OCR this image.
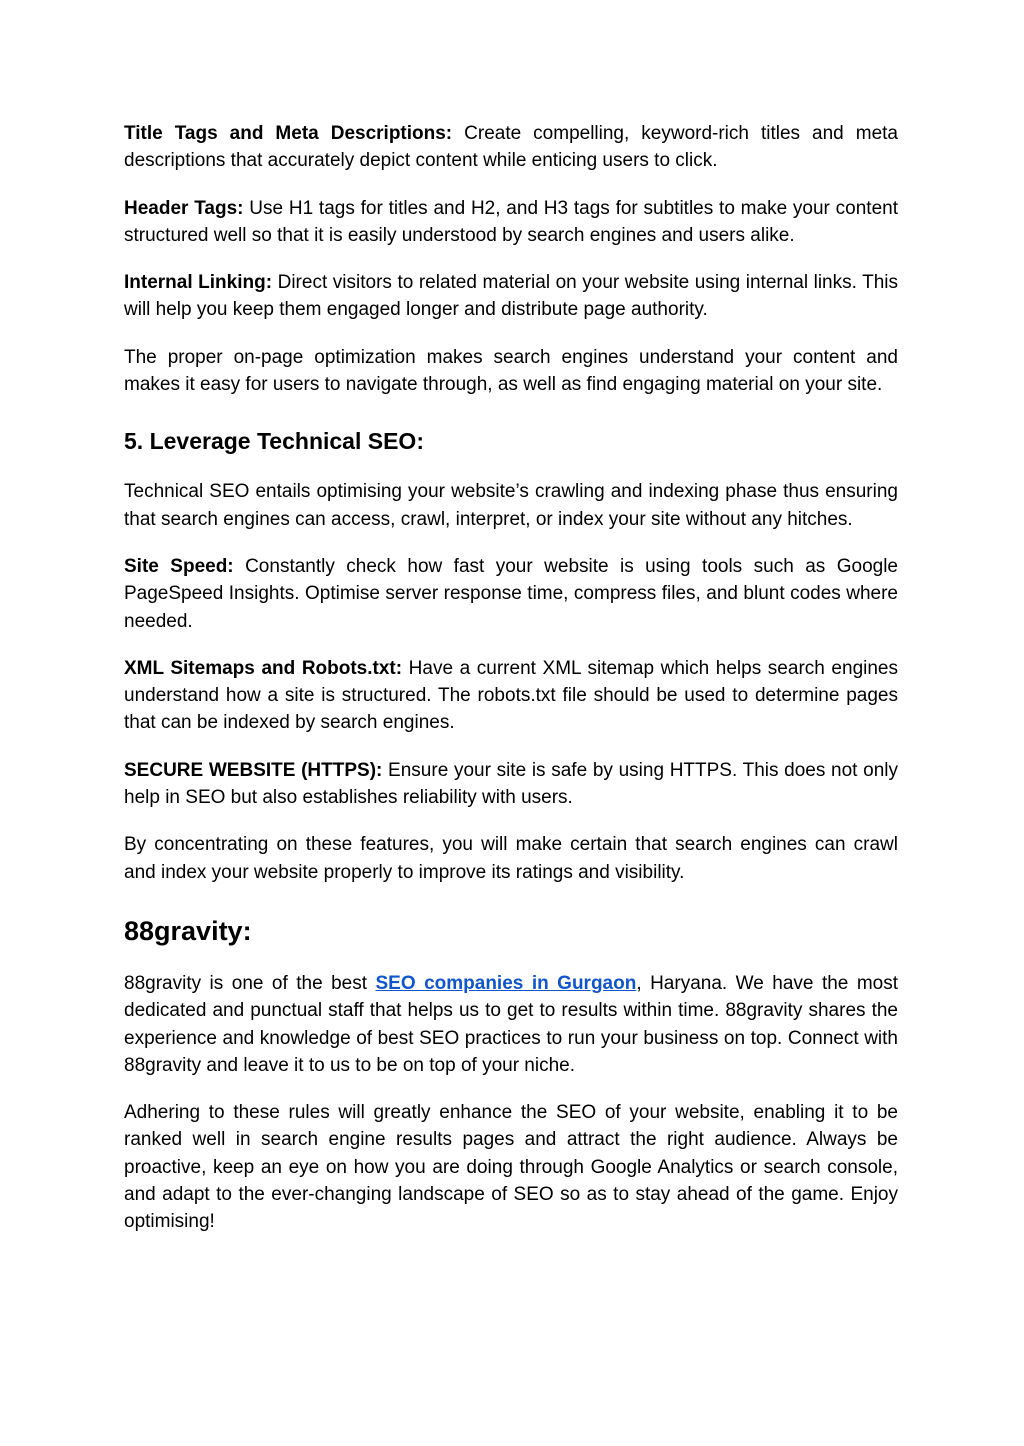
Title Tags and Meta Descriptions: Create compelling, keyword-rich titles and meta descriptions that accurately depict content while enticing users to click.

Header Tags: Use H1 tags for titles and H2, and H3 tags for subtitles to make your content structured well so that it is easily understood by search engines and users alike.

Internal Linking: Direct visitors to related material on your website using internal links. This will help you keep them engaged longer and distribute page authority.

The proper on-page optimization makes search engines understand your content and makes it easy for users to navigate through, as well as find engaging material on your site.

5. Leverage Technical SEO:

Technical SEO entails optimising your website’s crawling and indexing phase thus ensuring that search engines can access, crawl, interpret, or index your site without any hitches.

Site Speed: Constantly check how fast your website is using tools such as Google PageSpeed Insights. Optimise server response time, compress files, and blunt codes where needed.

XML Sitemaps and Robots.txt: Have a current XML sitemap which helps search engines understand how a site is structured. The robots.txt file should be used to determine pages that can be indexed by search engines.

SECURE WEBSITE (HTTPS): Ensure your site is safe by using HTTPS. This does not only help in SEO but also establishes reliability with users.

By concentrating on these features, you will make certain that search engines can crawl and index your website properly to improve its ratings and visibility.

88gravity:

88gravity is one of the best SEO companies in Gurgaon, Haryana. We have the most dedicated and punctual staff that helps us to get to results within time. 88gravity shares the experience and knowledge of best SEO practices to run your business on top. Connect with 88gravity and leave it to us to be on top of your niche.

Adhering to these rules will greatly enhance the SEO of your website, enabling it to be ranked well in search engine results pages and attract the right audience. Always be proactive, keep an eye on how you are doing through Google Analytics or search console, and adapt to the ever-changing landscape of SEO so as to stay ahead of the game. Enjoy optimising!
